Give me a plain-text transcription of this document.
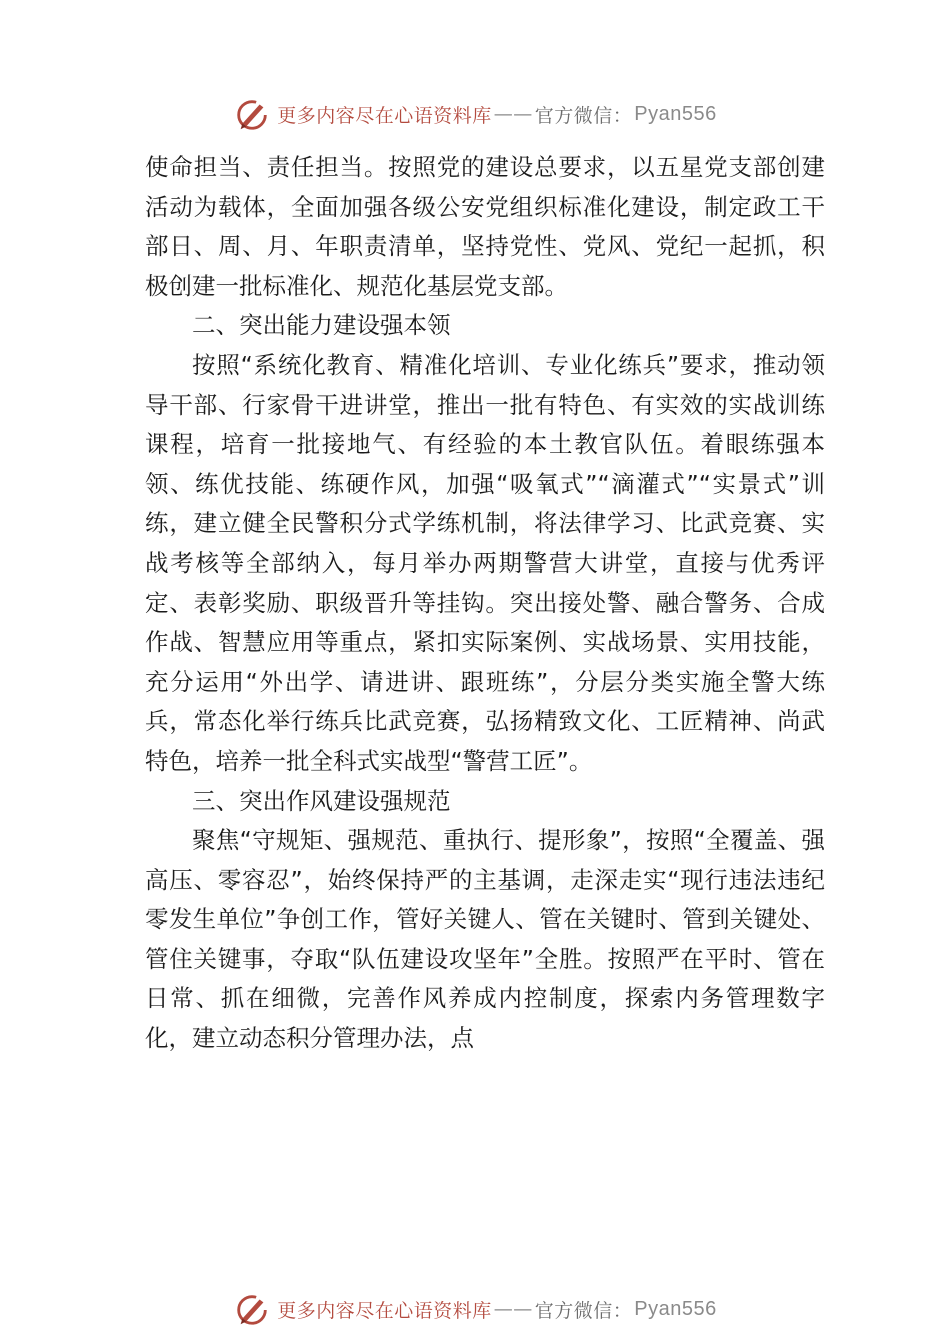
更多内容尽在心语资料库 —— 官方微信： Pyan556

使命担当、责任担当。按照党的建设总要求，以五星党支部创建活动为载体，全面加强各级公安党组织标准化建设，制定政工干部日、周、月、年职责清单，坚持党性、党风、党纪一起抓，积极创建一批标准化、规范化基层党支部。

二、突出能力建设强本领

按照“系统化教育、精准化培训、专业化练兵”要求，推动领导干部、行家骨干进讲堂，推出一批有特色、有实效的实战训练课程，培育一批接地气、有经验的本土教官队伍。着眼练强本领、练优技能、练硬作风，加强“吸氧式”“滴灌式”“实景式”训练，建立健全民警积分式学练机制，将法律学习、比武竞赛、实战考核等全部纳入，每月举办两期警营大讲堂，直接与优秀评定、表彰奖励、职级晋升等挂钩。突出接处警、融合警务、合成作战、智慧应用等重点，紧扣实际案例、实战场景、实用技能，充分运用“外出学、请进讲、跟班练”，分层分类实施全警大练兵，常态化举行练兵比武竞赛，弘扬精致文化、工匠精神、尚武特色，培养一批全科式实战型“警营工匠”。

三、突出作风建设强规范

聚焦“守规矩、强规范、重执行、提形象”，按照“全覆盖、强高压、零容忍”，始终保持严的主基调，走深走实“现行违法违纪零发生单位”争创工作，管好关键人、管在关键时、管到关键处、管住关键事，夺取“队伍建设攻坚年”全胜。按照严在平时、管在日常、抓在细微，完善作风养成内控制度，探索内务管理数字化，建立动态积分管理办法，点

更多内容尽在心语资料库 —— 官方微信： Pyan556
